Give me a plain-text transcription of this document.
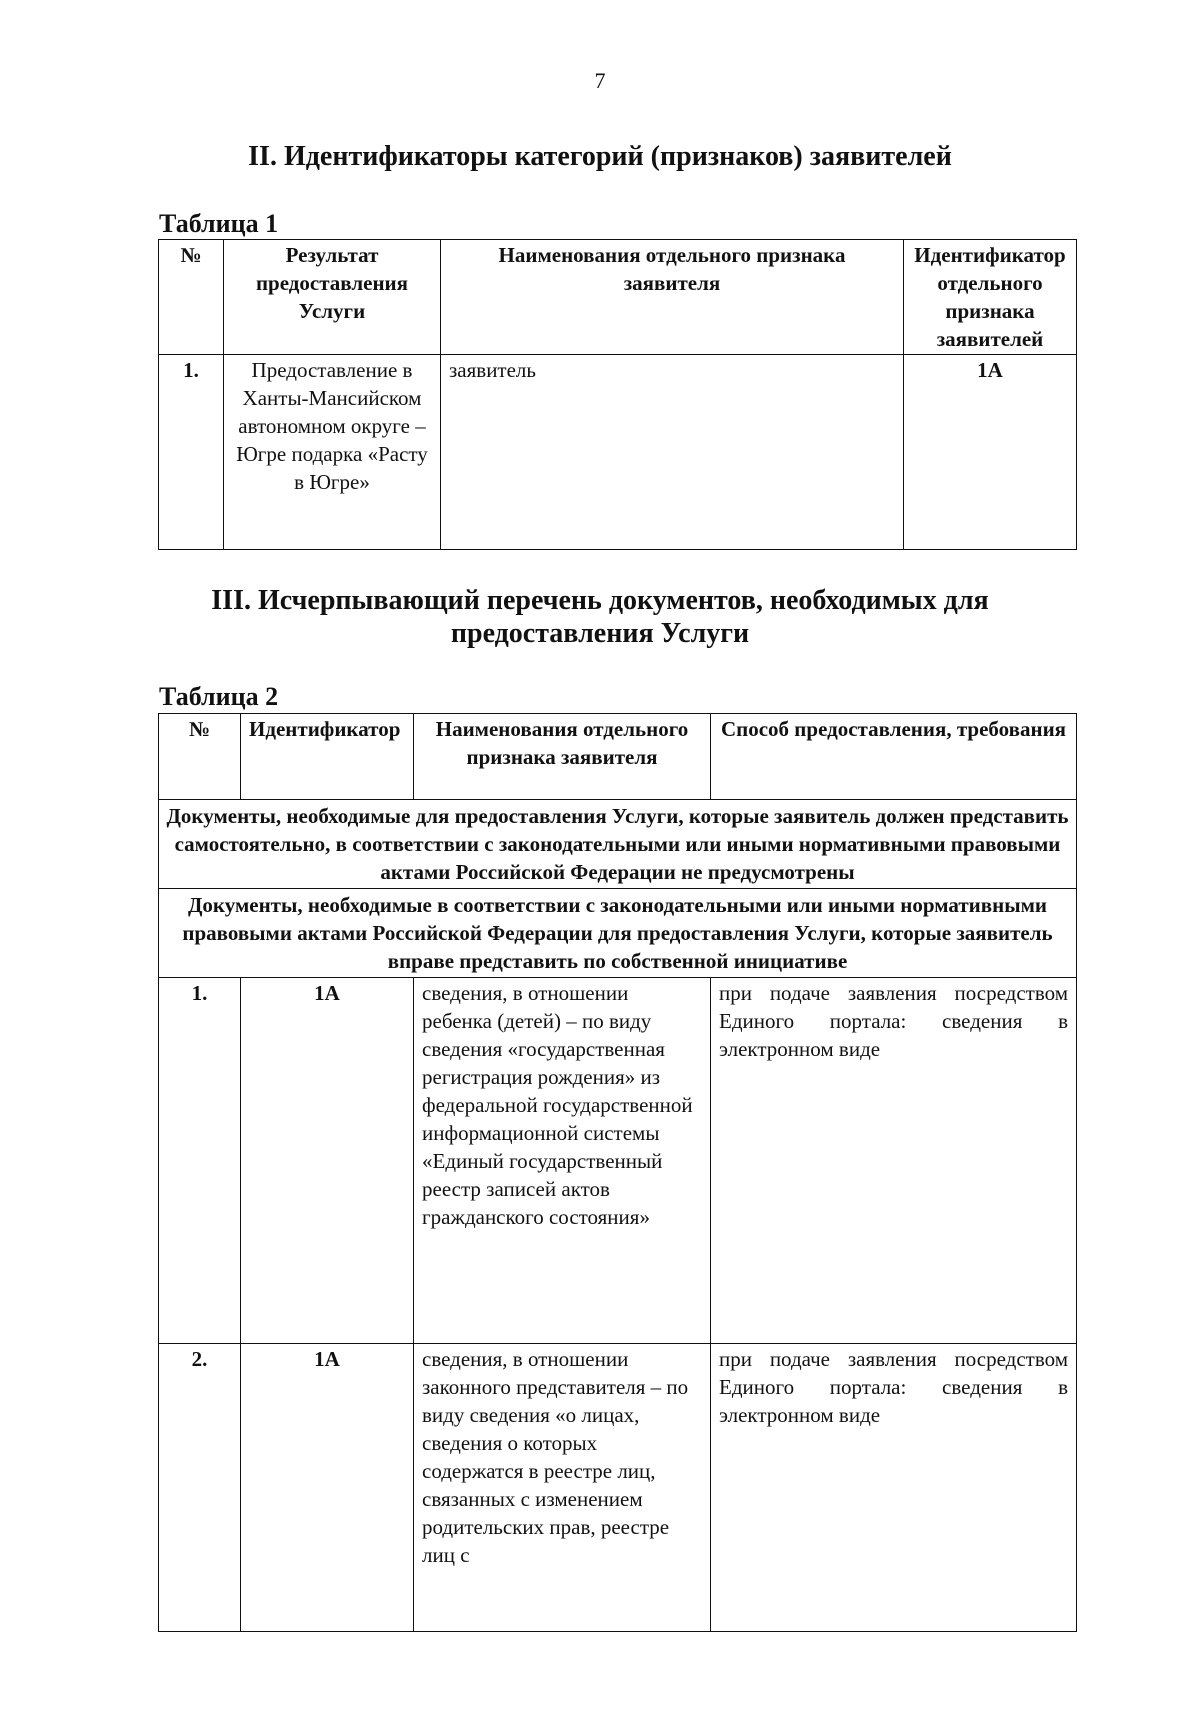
7
II. Идентификаторы категорий (признаков) заявителей
Таблица 1
№	Результат предоставления Услуги	Наименования отдельного признака заявителя	Идентификатор отдельного признака заявителей
1.	Предоставление в Ханты-Мансийском автономном округе – Югре подарка «Расту в Югре»	заявитель	1А
III. Исчерпывающий перечень документов, необходимых для
предоставления Услуги
Таблица 2
№	Идентификатор	Наименования отдельного признака заявителя	Способ предоставления, требования
Документы, необходимые для предоставления Услуги, которые заявитель должен представить самостоятельно, в соответствии с законодательными или иными нормативными правовыми актами Российской Федерации не предусмотрены			
Документы, необходимые в соответствии с законодательными или иными нормативными правовыми актами Российской Федерации для предоставления Услуги, которые заявитель вправе представить по собственной инициативе			
1.	1А	сведения, в отношении ребенка (детей) – по виду сведения «государственная регистрация рождения» из федеральной государственной информационной системы «Единый государственный реестр записей актов гражданского состояния»	при подаче заявления посредством Единого портала: сведения в электронном виде
2.	1А	сведения, в отношении законного представителя – по виду сведения «о лицах, сведения о которых содержатся в реестре лиц, связанных с изменением родительских прав, реестре лиц с	при подаче заявления посредством Единого портала: сведения в электронном виде
